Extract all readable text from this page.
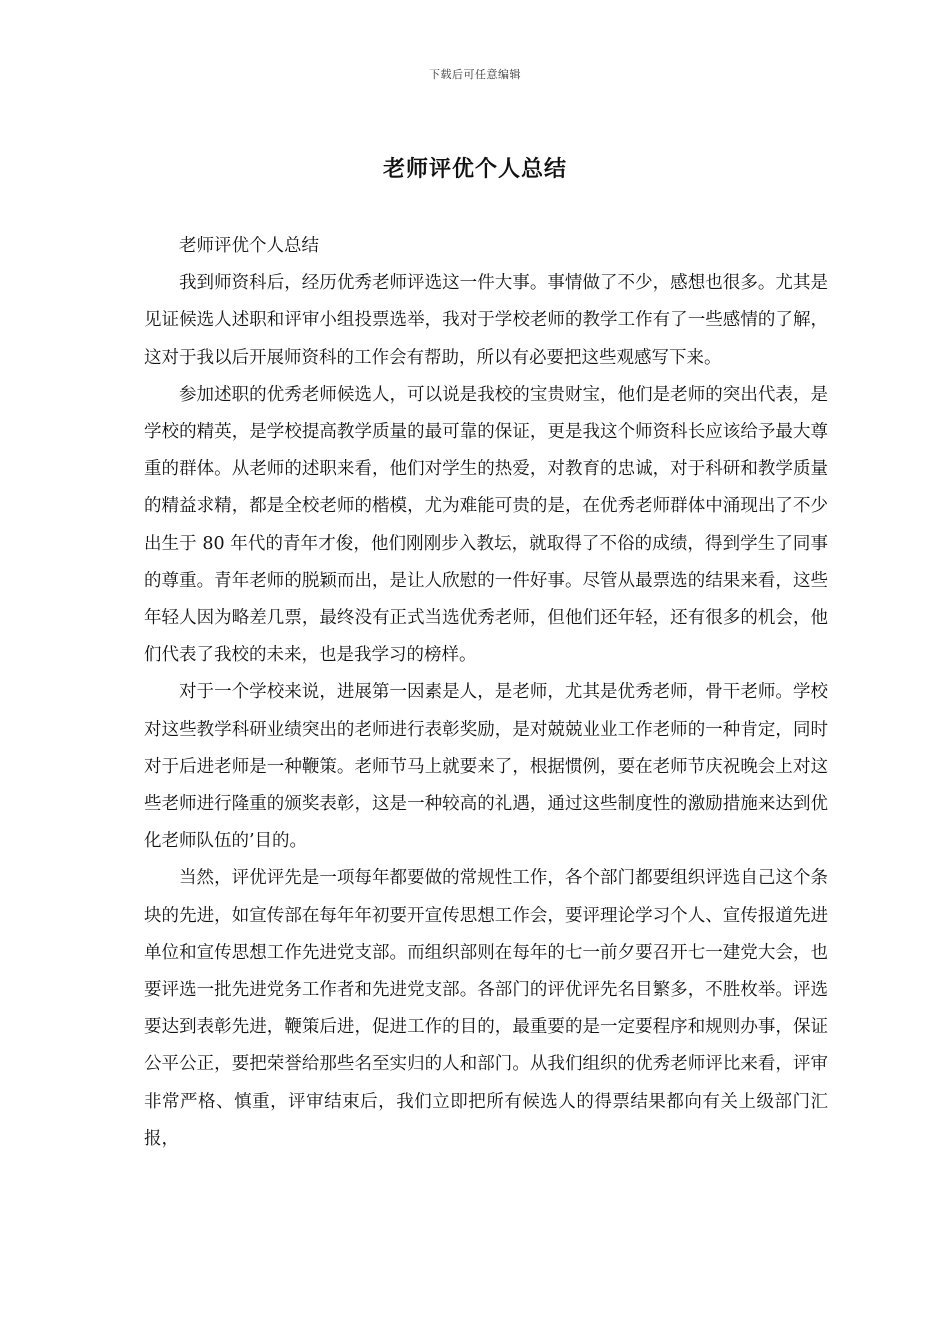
下载后可任意编辑
老师评优个人总结

老师评优个人总结

我到师资科后，经历优秀老师评选这一件大事。事情做了不少，感想也很多。尤其是见证候选人述职和评审小组投票选举，我对于学校老师的教学工作有了一些感情的了解，这对于我以后开展师资科的工作会有帮助，所以有必要把这些观感写下来。

参加述职的优秀老师候选人，可以说是我校的宝贵财宝，他们是老师的突出代表，是学校的精英，是学校提高教学质量的最可靠的保证，更是我这个师资科长应该给予最大尊重的群体。从老师的述职来看，他们对学生的热爱，对教育的忠诚，对于科研和教学质量的精益求精，都是全校老师的楷模，尤为难能可贵的是，在优秀老师群体中涌现出了不少出生于 80 年代的青年才俊，他们刚刚步入教坛，就取得了不俗的成绩，得到学生了同事的尊重。青年老师的脱颖而出，是让人欣慰的一件好事。尽管从最票选的结果来看，这些年轻人因为略差几票，最终没有正式当选优秀老师，但他们还年轻，还有很多的机会，他们代表了我校的未来，也是我学习的榜样。

对于一个学校来说，进展第一因素是人，是老师，尤其是优秀老师，骨干老师。学校对这些教学科研业绩突出的老师进行表彰奖励，是对兢兢业业工作老师的一种肯定，同时对于后进老师是一种鞭策。老师节马上就要来了，根据惯例，要在老师节庆祝晚会上对这些老师进行隆重的颁奖表彰，这是一种较高的礼遇，通过这些制度性的激励措施来达到优化老师队伍的’目的。

当然，评优评先是一项每年都要做的常规性工作，各个部门都要组织评选自己这个条块的先进，如宣传部在每年年初要开宣传思想工作会，要评理论学习个人、宣传报道先进单位和宣传思想工作先进党支部。而组织部则在每年的七一前夕要召开七一建党大会，也要评选一批先进党务工作者和先进党支部。各部门的评优评先名目繁多，不胜枚举。评选要达到表彰先进，鞭策后进，促进工作的目的，最重要的是一定要程序和规则办事，保证公平公正，要把荣誉给那些名至实归的人和部门。从我们组织的优秀老师评比来看，评审非常严格、慎重，评审结束后，我们立即把所有候选人的得票结果都向有关上级部门汇报，
